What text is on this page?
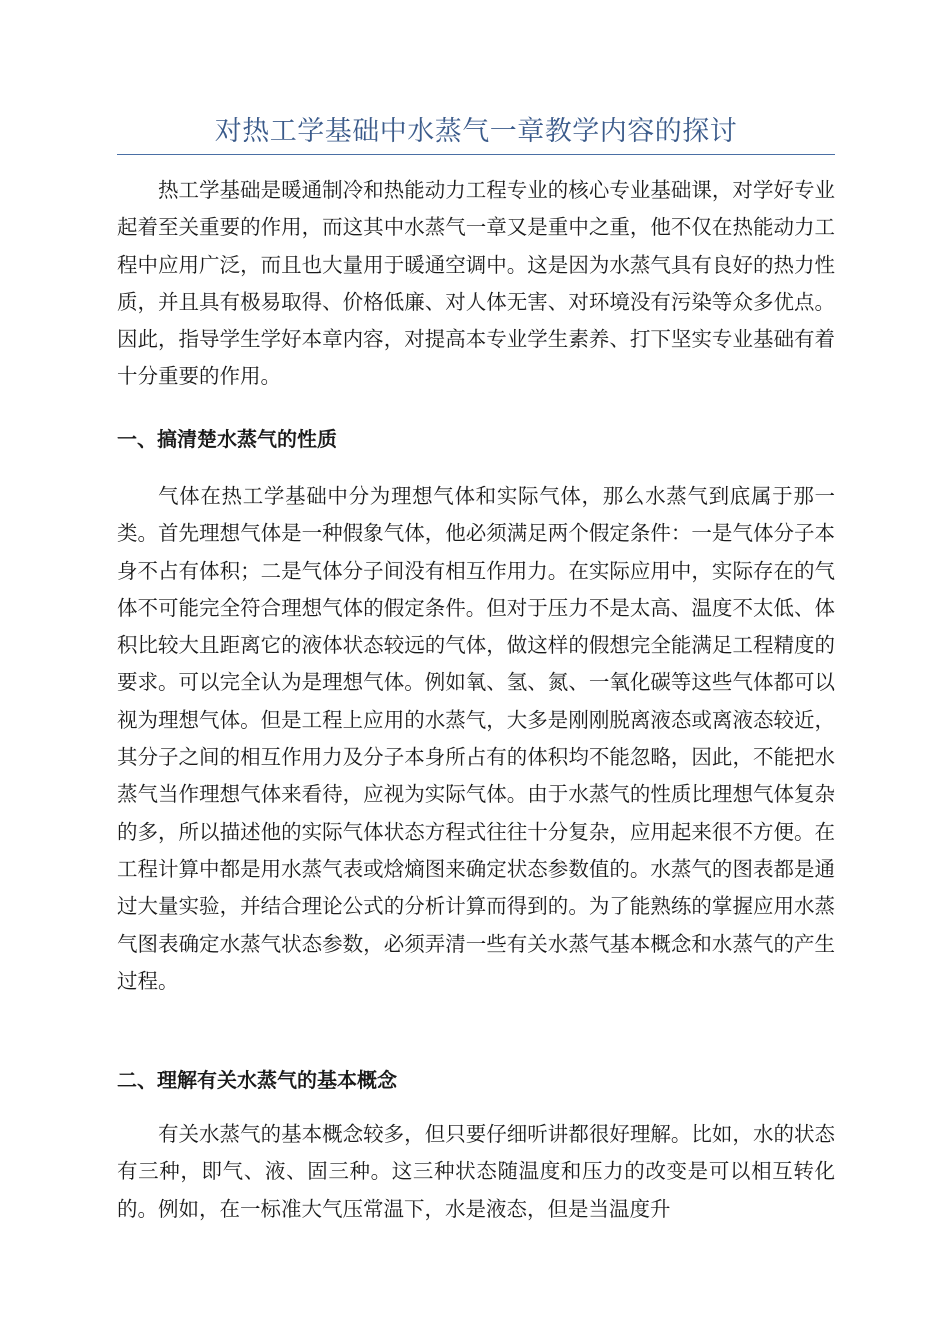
对热工学基础中水蒸气一章教学内容的探讨

热工学基础是暖通制冷和热能动力工程专业的核心专业基础课，对学好专业起着至关重要的作用，而这其中水蒸气一章又是重中之重，他不仅在热能动力工程中应用广泛，而且也大量用于暖通空调中。这是因为水蒸气具有良好的热力性质，并且具有极易取得、价格低廉、对人体无害、对环境没有污染等众多优点。因此，指导学生学好本章内容，对提高本专业学生素养、打下坚实专业基础有着十分重要的作用。

一、搞清楚水蒸气的性质

气体在热工学基础中分为理想气体和实际气体，那么水蒸气到底属于那一类。首先理想气体是一种假象气体，他必须满足两个假定条件：一是气体分子本身不占有体积；二是气体分子间没有相互作用力。在实际应用中，实际存在的气体不可能完全符合理想气体的假定条件。但对于压力不是太高、温度不太低、体积比较大且距离它的液体状态较远的气体，做这样的假想完全能满足工程精度的要求。可以完全认为是理想气体。例如氧、氢、氮、一氧化碳等这些气体都可以视为理想气体。但是工程上应用的水蒸气，大多是刚刚脱离液态或离液态较近，其分子之间的相互作用力及分子本身所占有的体积均不能忽略，因此，不能把水蒸气当作理想气体来看待，应视为实际气体。由于水蒸气的性质比理想气体复杂的多，所以描述他的实际气体状态方程式往往十分复杂，应用起来很不方便。在工程计算中都是用水蒸气表或焓熵图来确定状态参数值的。水蒸气的图表都是通过大量实验，并结合理论公式的分析计算而得到的。为了能熟练的掌握应用水蒸气图表确定水蒸气状态参数，必须弄清一些有关水蒸气基本概念和水蒸气的产生过程。

二、理解有关水蒸气的基本概念

有关水蒸气的基本概念较多，但只要仔细听讲都很好理解。比如，水的状态有三种，即气、液、固三种。这三种状态随温度和压力的改变是可以相互转化的。例如，在一标准大气压常温下，水是液态，但是当温度升
